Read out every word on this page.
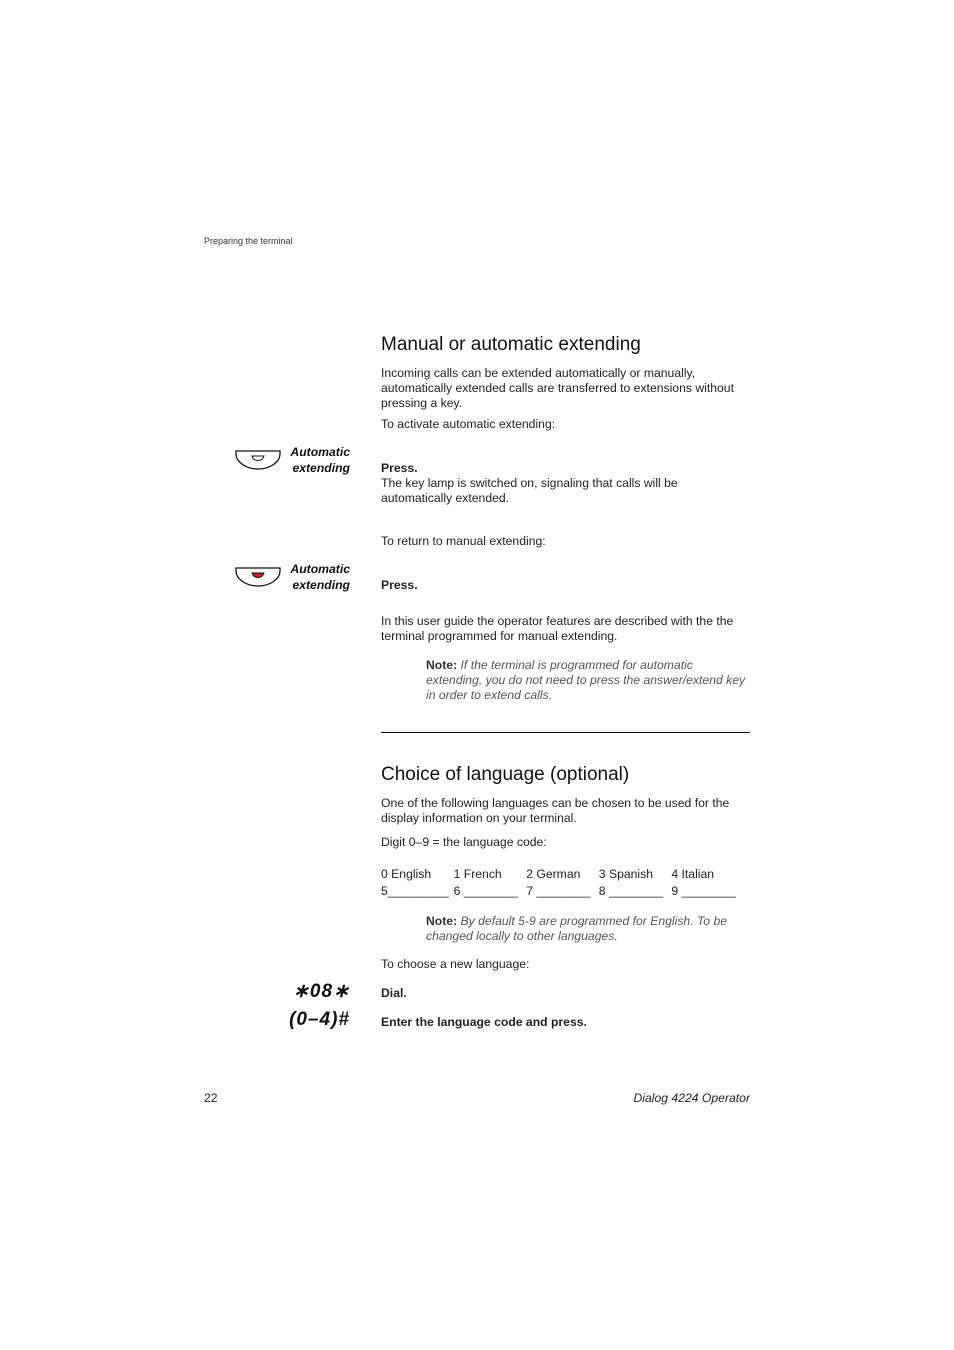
Preparing the terminal
Manual or automatic extending
Incoming calls can be extended automatically or manually, automatically extended calls are transferred to extensions without pressing a key.
To activate automatic extending:
Automatic
extending	Press.
The key lamp is switched on, signaling that calls will be automatically extended.
To return to manual extending:
Automatic
extending	Press.
In this user guide the operator features are described with the the terminal programmed for manual extending.
Note: If the terminal is programmed for automatic extending, you do not need to press the answer/extend key in order to extend calls.
Choice of language (optional)
One of the following languages can be chosen to be used for the display information on your terminal.
Digit 0–9 = the language code:
0 English	1 French	2 German	3 Spanish	4 Italian
5_________ 6 ________ 7 ________ 8 ________ 9 ________
Note: By default 5-9 are programmed for English. To be changed locally to other languages.
To choose a new language:
∗08∗	Dial.
(0–4)#	Enter the language code and press.
22	Dialog 4224 Operator
